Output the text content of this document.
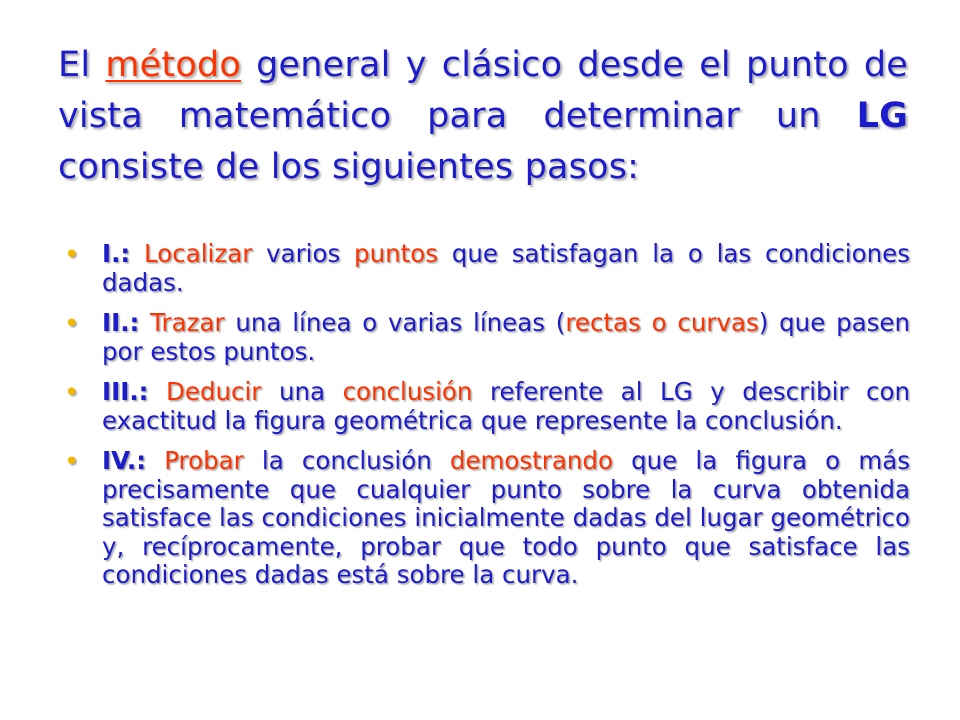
El método general y clásico desde el punto de vista matemático para determinar un LG consiste de los siguientes pasos:
• I.: Localizar varios puntos que satisfagan la o las condiciones dadas.
• II.: Trazar una línea o varias líneas (rectas o curvas) que pasen por estos puntos.
• III.: Deducir una conclusión referente al LG y describir con exactitud la figura geométrica que represente la conclusión.
• IV.: Probar la conclusión demostrando que la figura o más precisamente que cualquier punto sobre la curva obtenida satisface las condiciones inicialmente dadas del lugar geométrico y, recíprocamente, probar que todo punto que satisface las condiciones dadas está sobre la curva.
